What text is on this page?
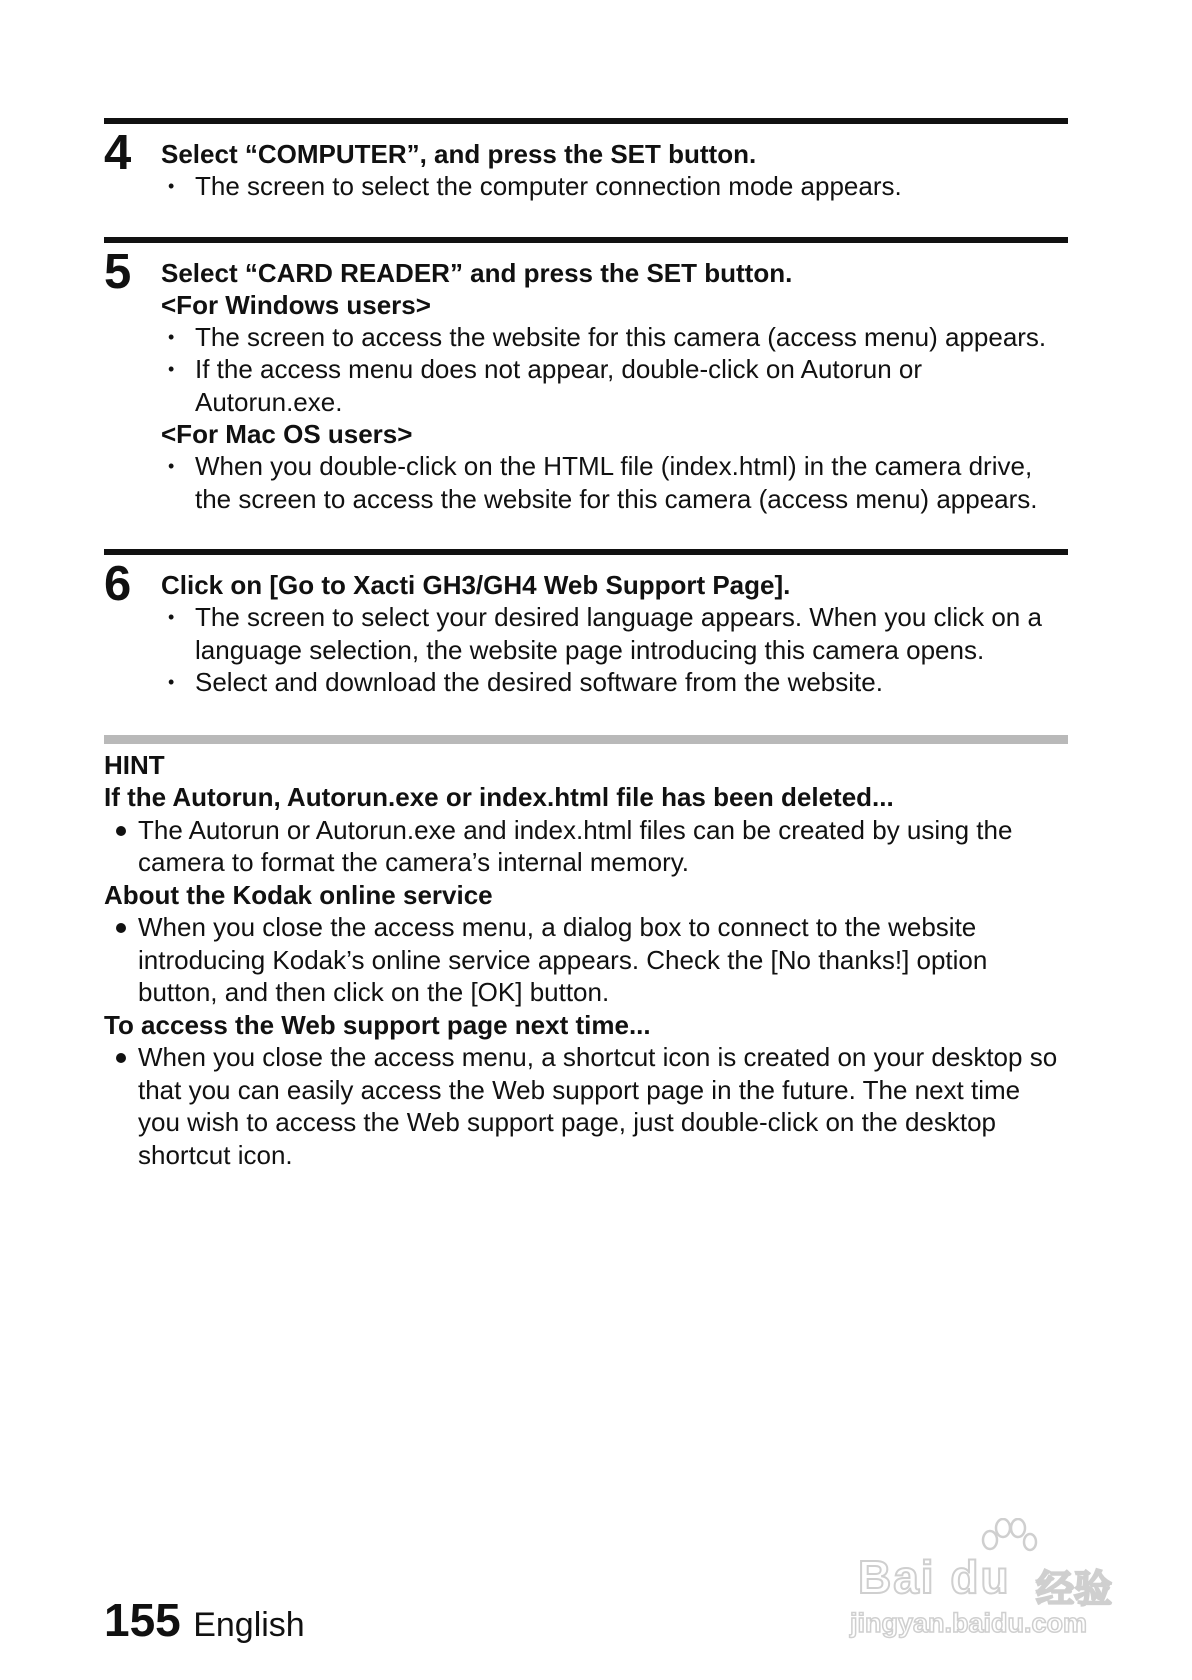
4 Select “COMPUTER”, and press the SET button.
• The screen to select the computer connection mode appears.
5 Select “CARD READER” and press the SET button.
<For Windows users>
• The screen to access the website for this camera (access menu) appears.
• If the access menu does not appear, double-click on Autorun or Autorun.exe.
<For Mac OS users>
• When you double-click on the HTML file (index.html) in the camera drive, the screen to access the website for this camera (access menu) appears.
6 Click on [Go to Xacti GH3/GH4 Web Support Page].
• The screen to select your desired language appears. When you click on a language selection, the website page introducing this camera opens.
• Select and download the desired software from the website.
HINT
If the Autorun, Autorun.exe or index.html file has been deleted...
The Autorun or Autorun.exe and index.html files can be created by using the camera to format the camera’s internal memory.
About the Kodak online service
When you close the access menu, a dialog box to connect to the website introducing Kodak’s online service appears. Check the [No thanks!] option button, and then click on the [OK] button.
To access the Web support page next time...
When you close the access menu, a shortcut icon is created on your desktop so that you can easily access the Web support page in the future. The next time you wish to access the Web support page, just double-click on the desktop shortcut icon.
155 English
Bai du 经验
jingyan.baidu.com
